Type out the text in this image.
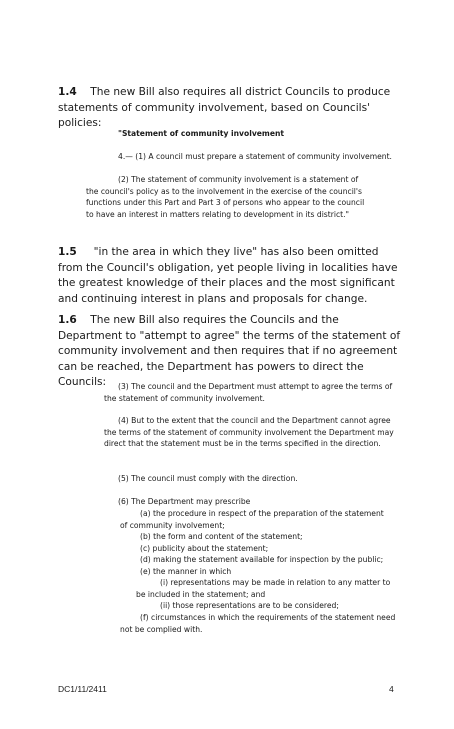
1.4 The new Bill also requires all district Councils to produce statements of community involvement, based on Councils' policies:

"Statement of community involvement

4.— (1) A council must prepare a statement of community involvement.

(2) The statement of community involvement is a statement of the council's policy as to the involvement in the exercise of the council's functions under this Part and Part 3 of persons who appear to the council to have an interest in matters relating to development in its district."

1.5 "in the area in which they live" has also been omitted from the Council's obligation, yet people living in localities have the greatest knowledge of their places and the most significant and continuing interest in plans and proposals for change.

1.6 The new Bill also requires the Councils and the Department to "attempt to agree" the terms of the statement of community involvement and then requires that if no agreement can be reached, the Department has powers to direct the Councils:	(3) The council and the Department must attempt to agree the terms of the statement of community involvement.

(4) But to the extent that the council and the Department cannot agree the terms of the statement of community involvement the Department may direct that the statement must be in the terms specified in the direction.

(5) The council must comply with the direction.

(6) The Department may prescribe

(a) the procedure in respect of the preparation of the statement of community involvement;

(b) the form and content of the statement;

(c) publicity about the statement;

(d) making the statement available for inspection by the public;

(e) the manner in which

(i) representations may be made in relation to any matter to be included in the statement; and

(ii) those representations are to be considered;

(f) circumstances in which the requirements of the statement need not be complied with.

DC1/11/2411	4
